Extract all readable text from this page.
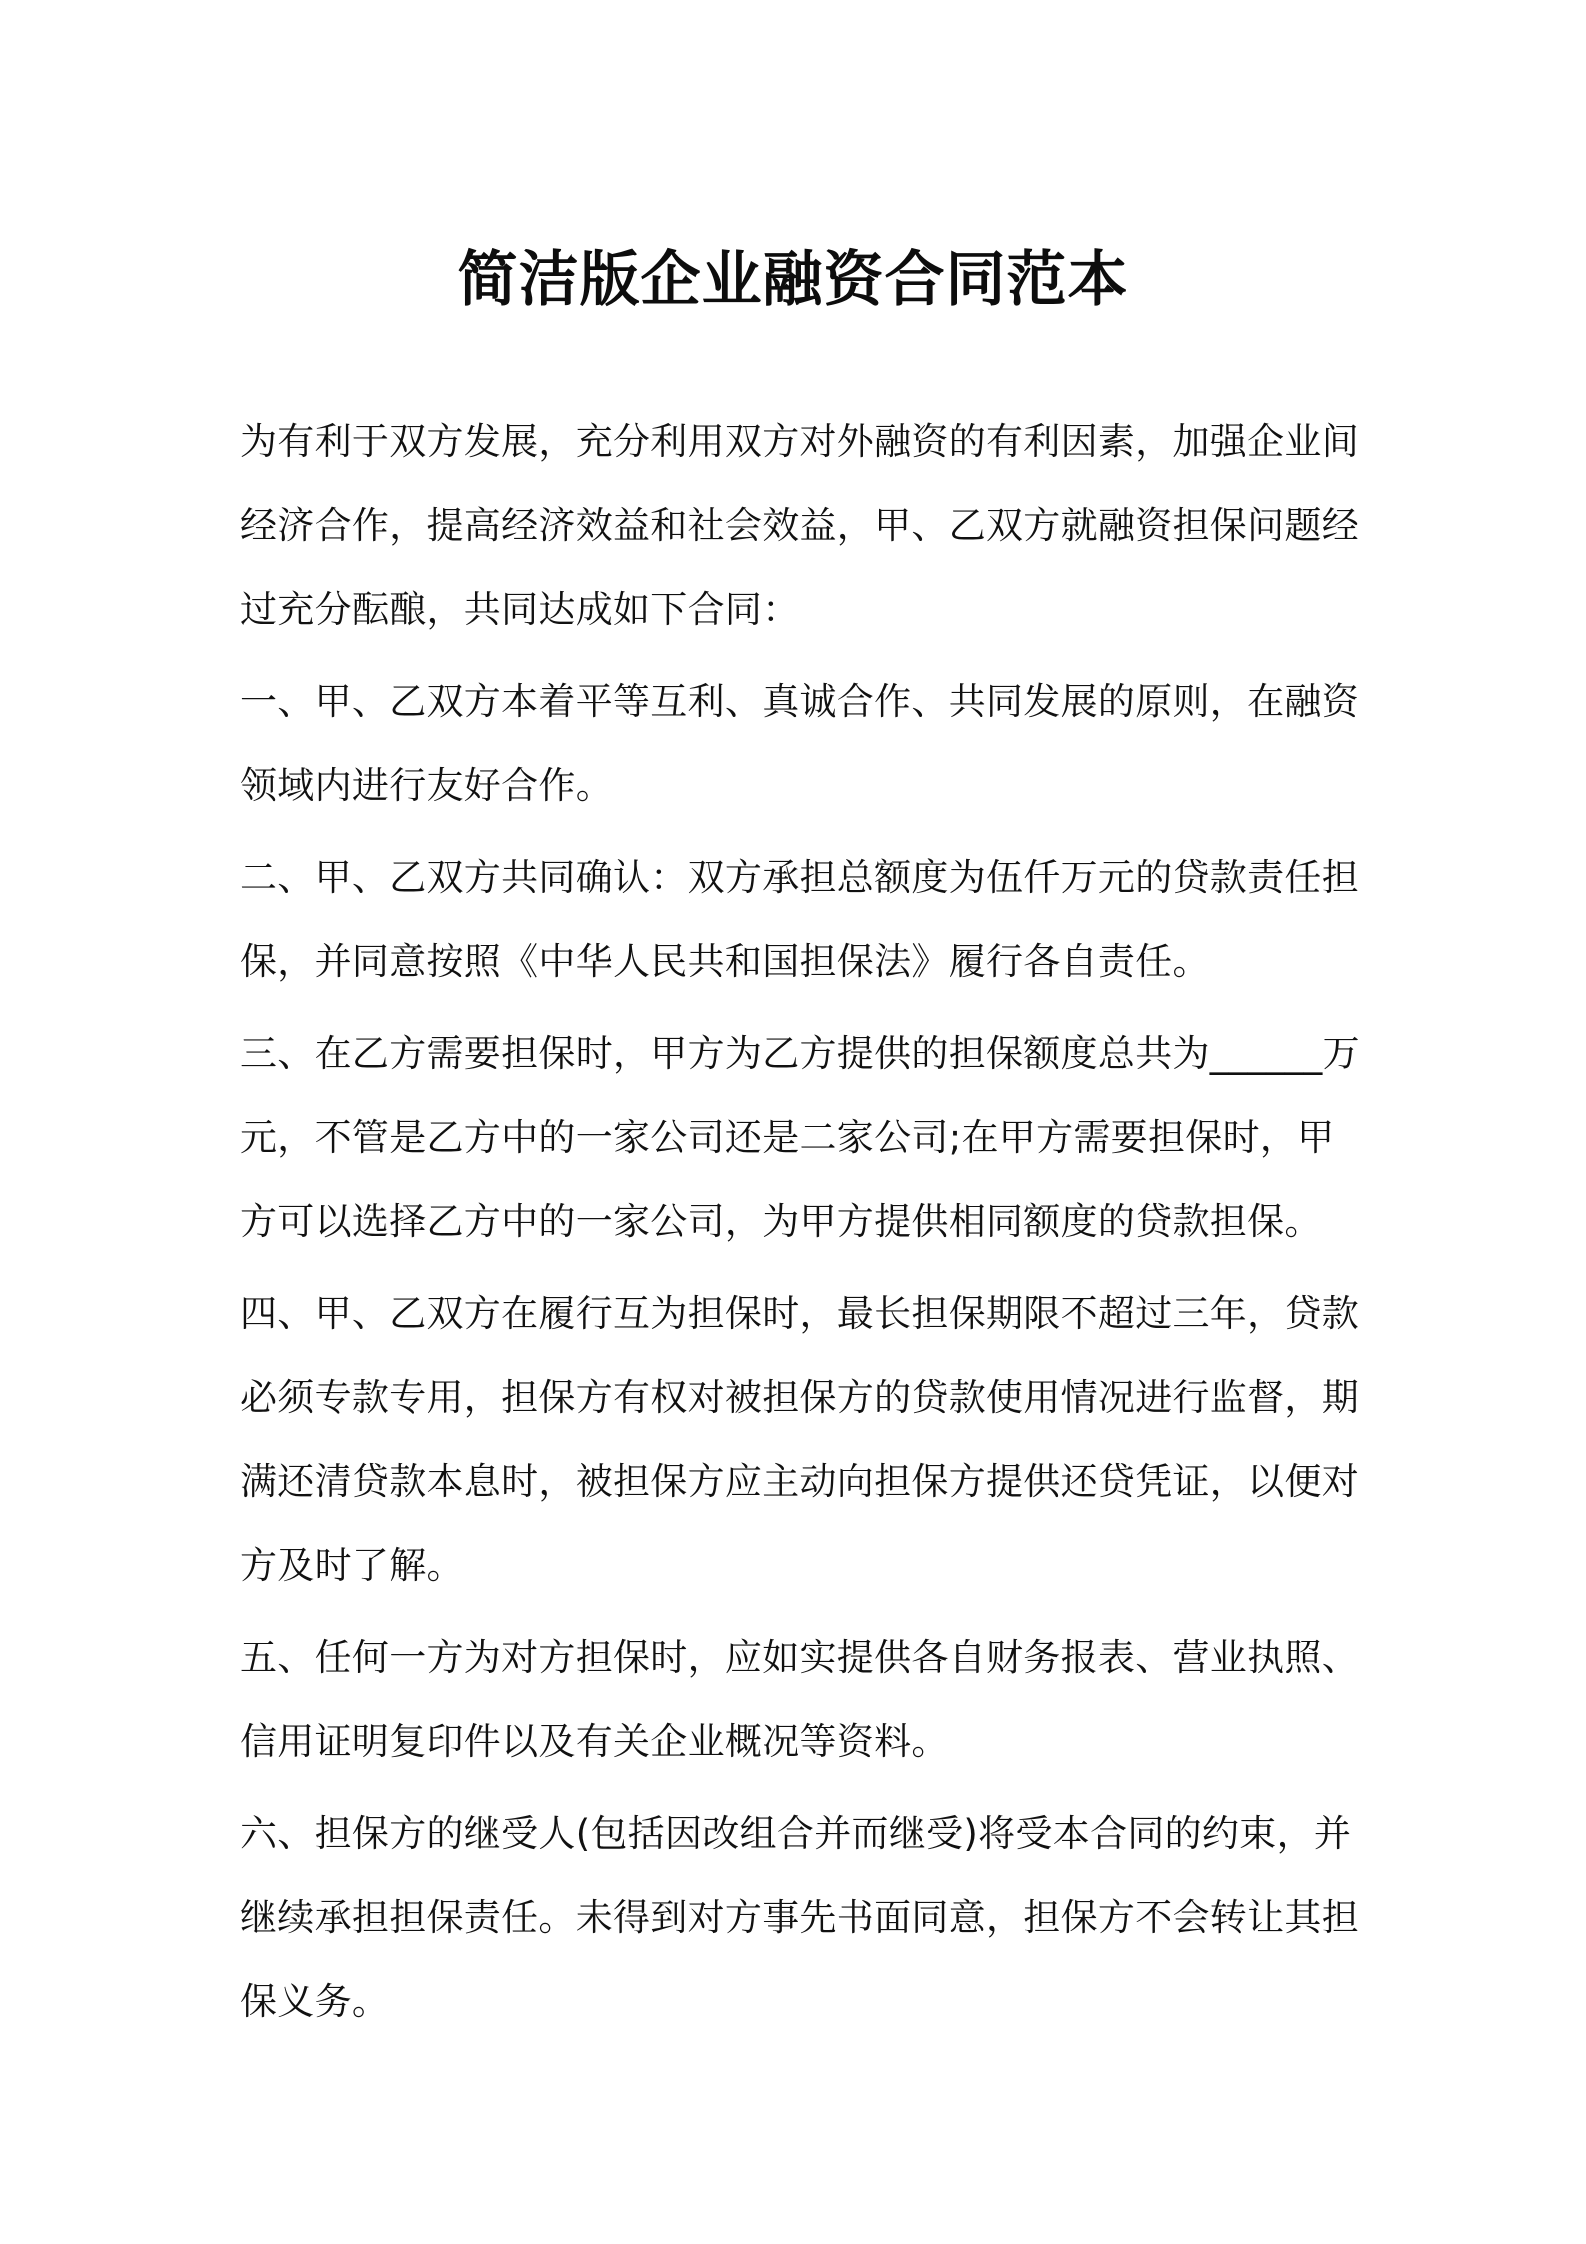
简洁版企业融资合同范本

为有利于双方发展，充分利用双方对外融资的有利因素，加强企业间经济合作，提高经济效益和社会效益，甲、乙双方就融资担保问题经过充分酝酿，共同达成如下合同：

一、甲、乙双方本着平等互利、真诚合作、共同发展的原则，在融资领域内进行友好合作。

二、甲、乙双方共同确认：双方承担总额度为伍仟万元的贷款责任担保，并同意按照《中华人民共和国担保法》履行各自责任。

三、在乙方需要担保时，甲方为乙方提供的担保额度总共为______万元，不管是乙方中的一家公司还是二家公司;在甲方需要担保时，甲方可以选择乙方中的一家公司，为甲方提供相同额度的贷款担保。

四、甲、乙双方在履行互为担保时，最长担保期限不超过三年，贷款必须专款专用，担保方有权对被担保方的贷款使用情况进行监督，期满还清贷款本息时，被担保方应主动向担保方提供还贷凭证，以便对方及时了解。

五、任何一方为对方担保时，应如实提供各自财务报表、营业执照、信用证明复印件以及有关企业概况等资料。

六、担保方的继受人(包括因改组合并而继受)将受本合同的约束，并继续承担担保责任。未得到对方事先书面同意，担保方不会转让其担保义务。
